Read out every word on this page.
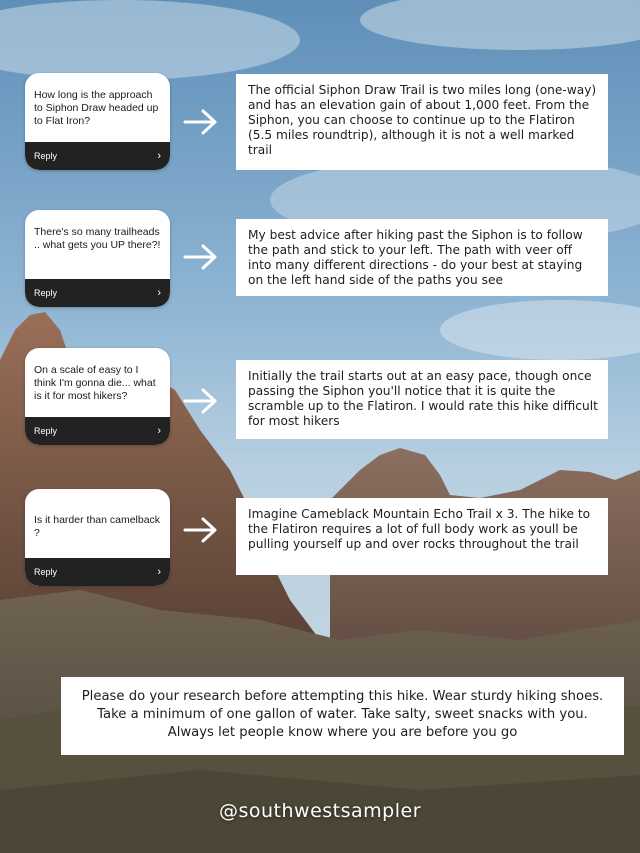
How long is the approach to Siphon Draw headed up to Flat Iron?
Reply	›
The official Siphon Draw Trail is two miles long (one-way) and has an elevation gain of about 1,000 feet. From the Siphon, you can choose to continue up to the Flatiron (5.5 miles roundtrip), although it is not a well marked trail
There's so many trailheads .. what gets you UP there?!
Reply	›
My best advice after hiking past the Siphon is to follow the path and stick to your left. The path with veer off into many different directions - do your best at staying on the left hand side of the paths you see
On a scale of easy to I think I'm gonna die... what is it for most hikers?
Reply	›
Initially the trail starts out at an easy pace, though once passing the Siphon you'll notice that it is quite the scramble up to the Flatiron. I would rate this hike difficult for most hikers
Is it harder than camelback ?
Reply	›
Imagine Cameblack Mountain Echo Trail x 3. The hike to the Flatiron requires a lot of full body work as youll be pulling yourself up and over rocks throughout the trail
Please do your research before attempting this hike. Wear sturdy hiking shoes. Take a minimum of one gallon of water. Take salty, sweet snacks with you. Always let people know where you are before you go
@southwestsampler
